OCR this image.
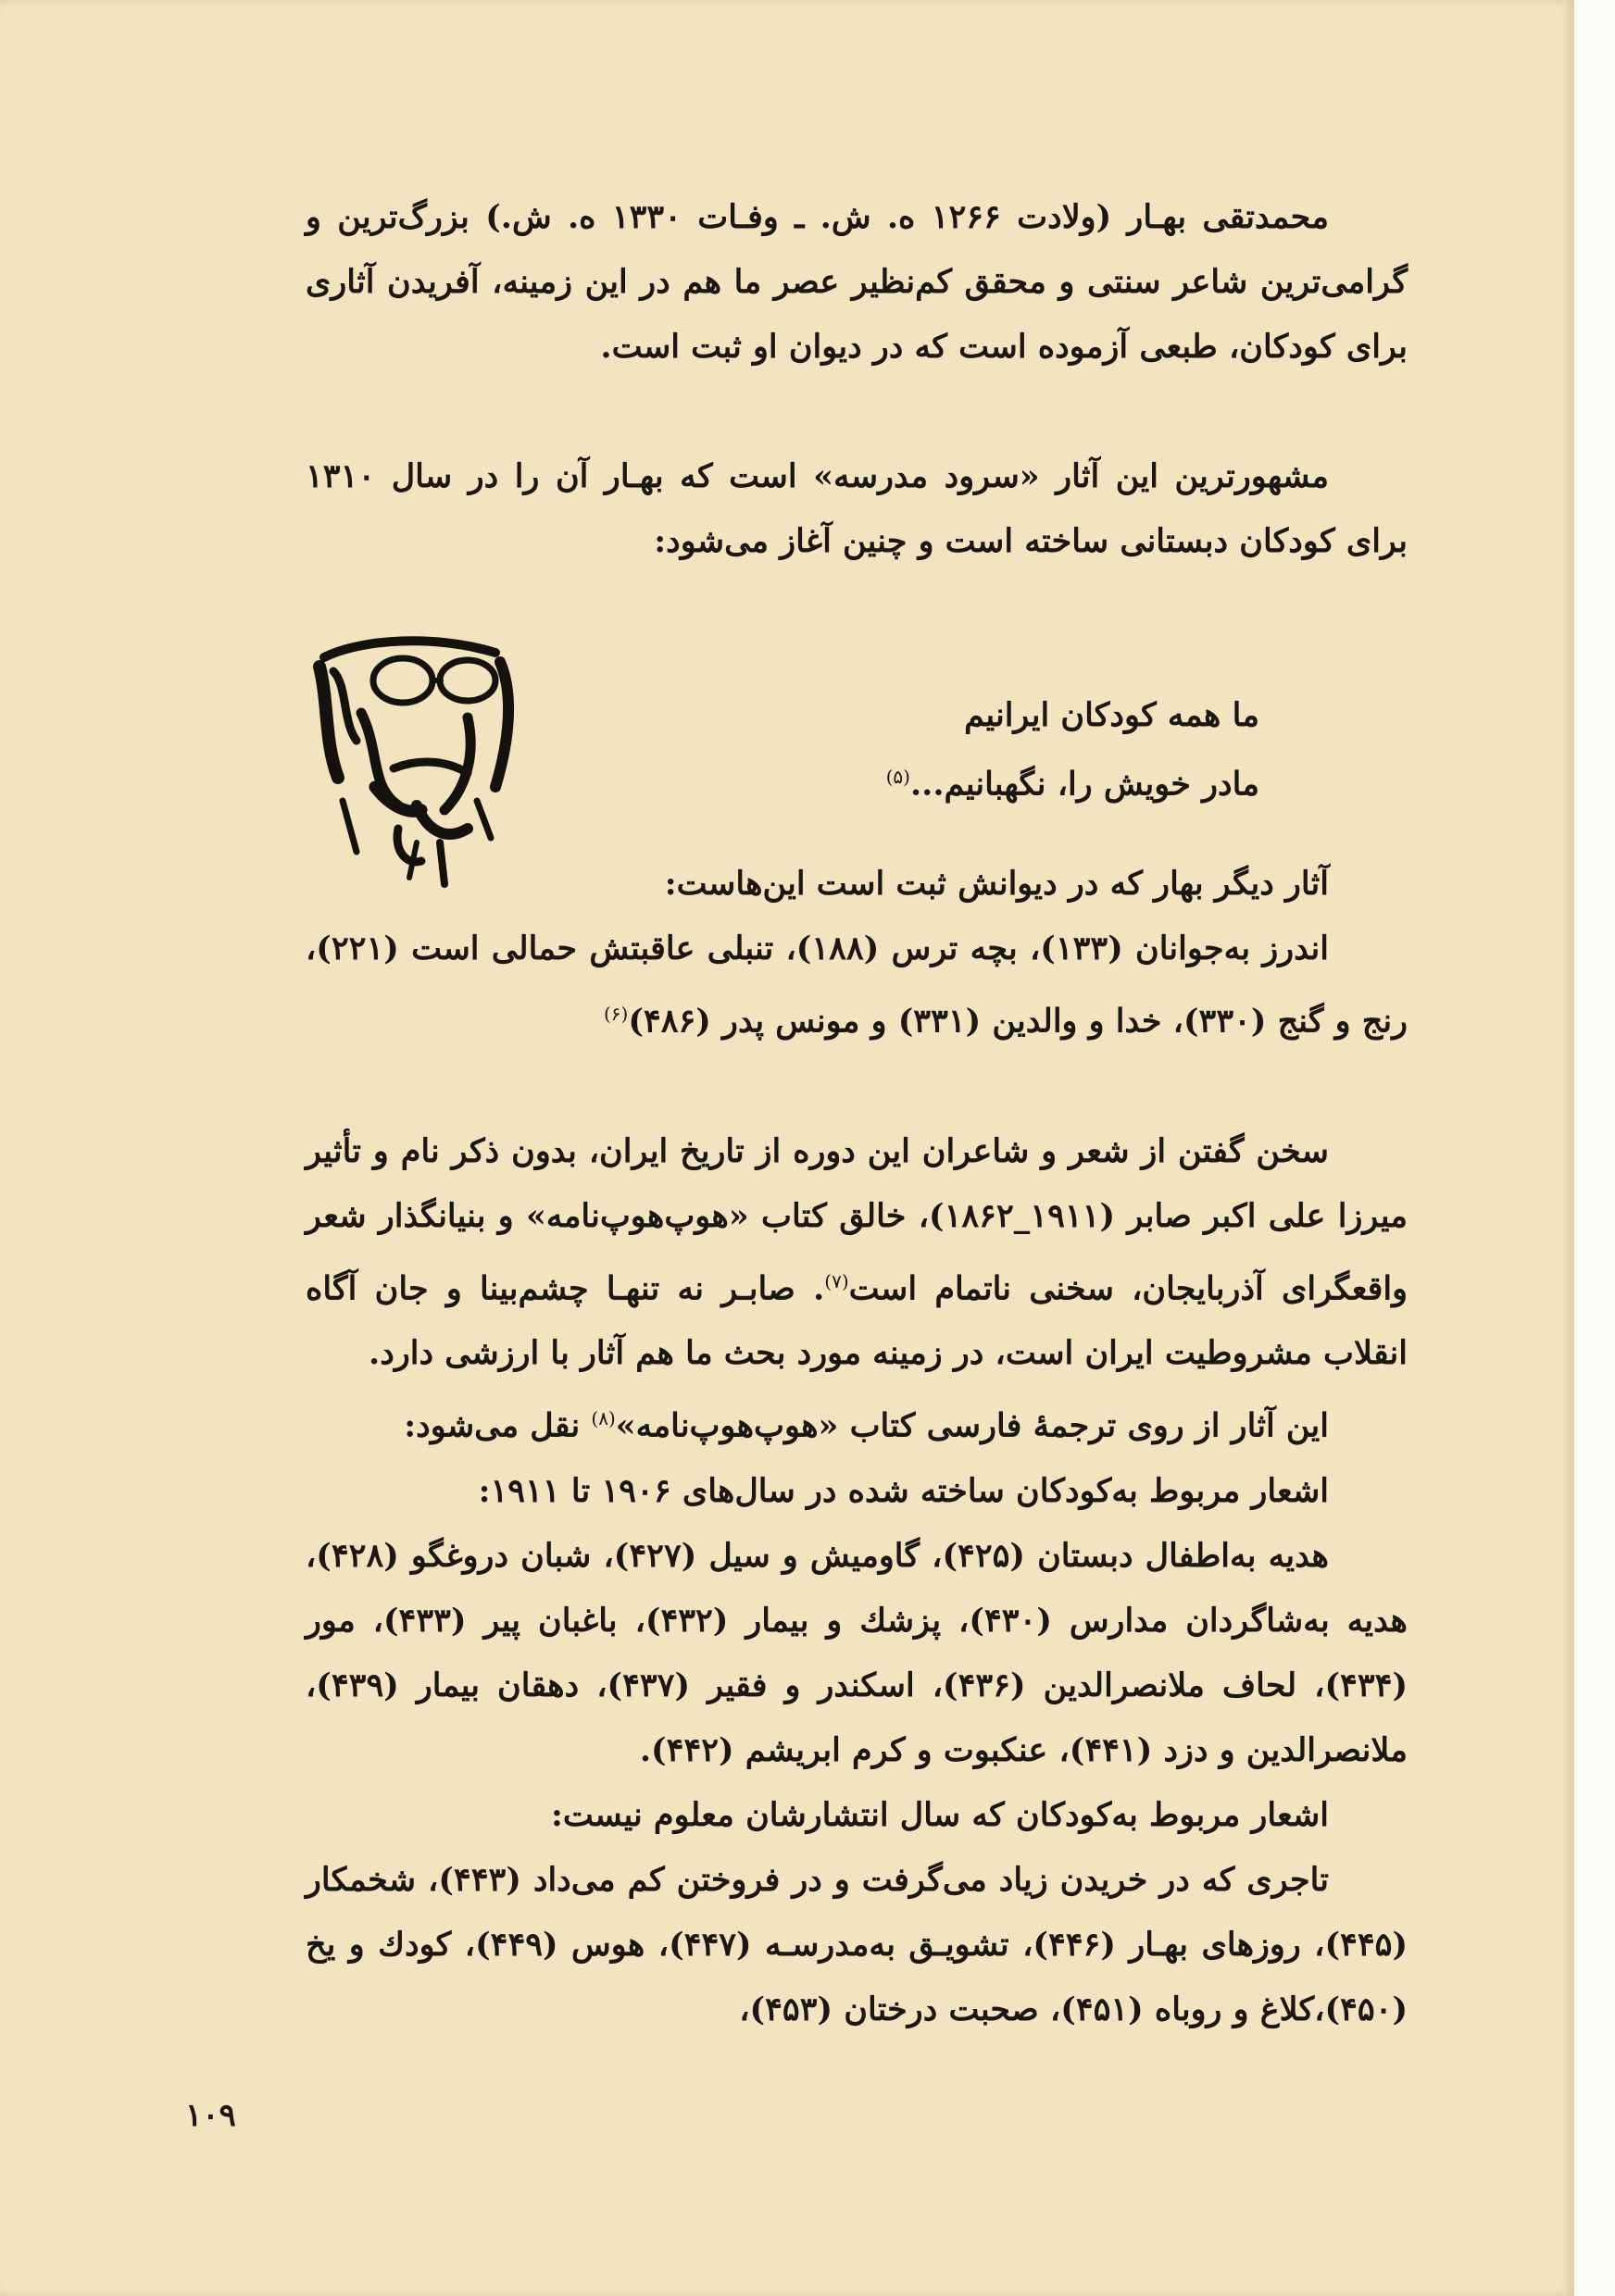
محمدتقی بهـار (ولادت ۱۲۶۶ ه. ش. ـ وفـات ۱۳۳۰ ه. ش.) بزرگ‌ترین و گرامی‌ترین شاعر سنتی و محقق کم‌نظیر عصر ما هم در این زمینه، آفریدن آثاری برای کودکان، طبعی آزموده است که در دیوان او ثبت است.

مشهورترین این آثار «سرود مدرسه» است که بهـار آن را در سال ۱۳۱۰ برای کودکان دبستانی ساخته است و چنین آغاز می‌شود:

ما همه کودکان ایرانیم
مادر خویش را، نگهبانیم...$^{(۵)}$

آثار دیگر بهار که در دیوانش ثبت است این‌هاست:

اندرز به‌جوانان (۱۳۳)، بچه ترس (۱۸۸)، تنبلی عاقبتش حمالی است (۲۲۱)، رنج و گنج (۳۳۰)، خدا و والدین (۳۳۱) و مونس پدر (۴۸۶)$^{(۶)}$

سخن گفتن از شعر و شاعران این دوره از تاریخ ایران، بدون ذکر نام و تأثیر میرزا علی اکبر صابر (۱۹۱۱_۱۸۶۲)، خالق کتاب «هوپ‌هوپ‌نامه» و بنیانگذار شعر واقعگرای آذربایجان، سخنی ناتمام است$^{(۷)}$. صابـر نه تنهـا چشم‌بینا و جان آگاه انقلاب مشروطیت ایران است، در زمینه مورد بحث ما هم آثار با ارزشی دارد.

این آثار از روی ترجمهٔ فارسی کتاب «هوپ‌هوپ‌نامه»$^{(۸)}$ نقل می‌شود:

اشعار مربوط به‌کودکان ساخته شده در سال‌های ۱۹۰۶ تا ۱۹۱۱:

هدیه به‌اطفال دبستان (۴۲۵)، گاومیش و سیل (۴۲۷)، شبان دروغگو (۴۲۸)، هدیه به‌شاگردان مدارس (۴۳۰)، پزشك و بیمار (۴۳۲)، باغبان پیر (۴۳۳)، مور (۴۳۴)، لحاف ملانصرالدین (۴۳۶)، اسکندر و فقیر (۴۳۷)، دهقان بیمار (۴۳۹)، ملانصرالدین و دزد (۴۴۱)، عنکبوت و کرم ابریشم (۴۴۲).

اشعار مربوط به‌کودکان که سال انتشارشان معلوم نیست:

تاجری که در خریدن زیاد می‌گرفت و در فروختن کم می‌داد (۴۴۳)، شخمکار (۴۴۵)، روزهای بهـار (۴۴۶)، تشویـق به‌مدرسـه (۴۴۷)، هوس (۴۴۹)، کودك و یخ (۴۵۰)،کلاغ و روباه (۴۵۱)، صحبت درختان (۴۵۳)،

۱۰۹
